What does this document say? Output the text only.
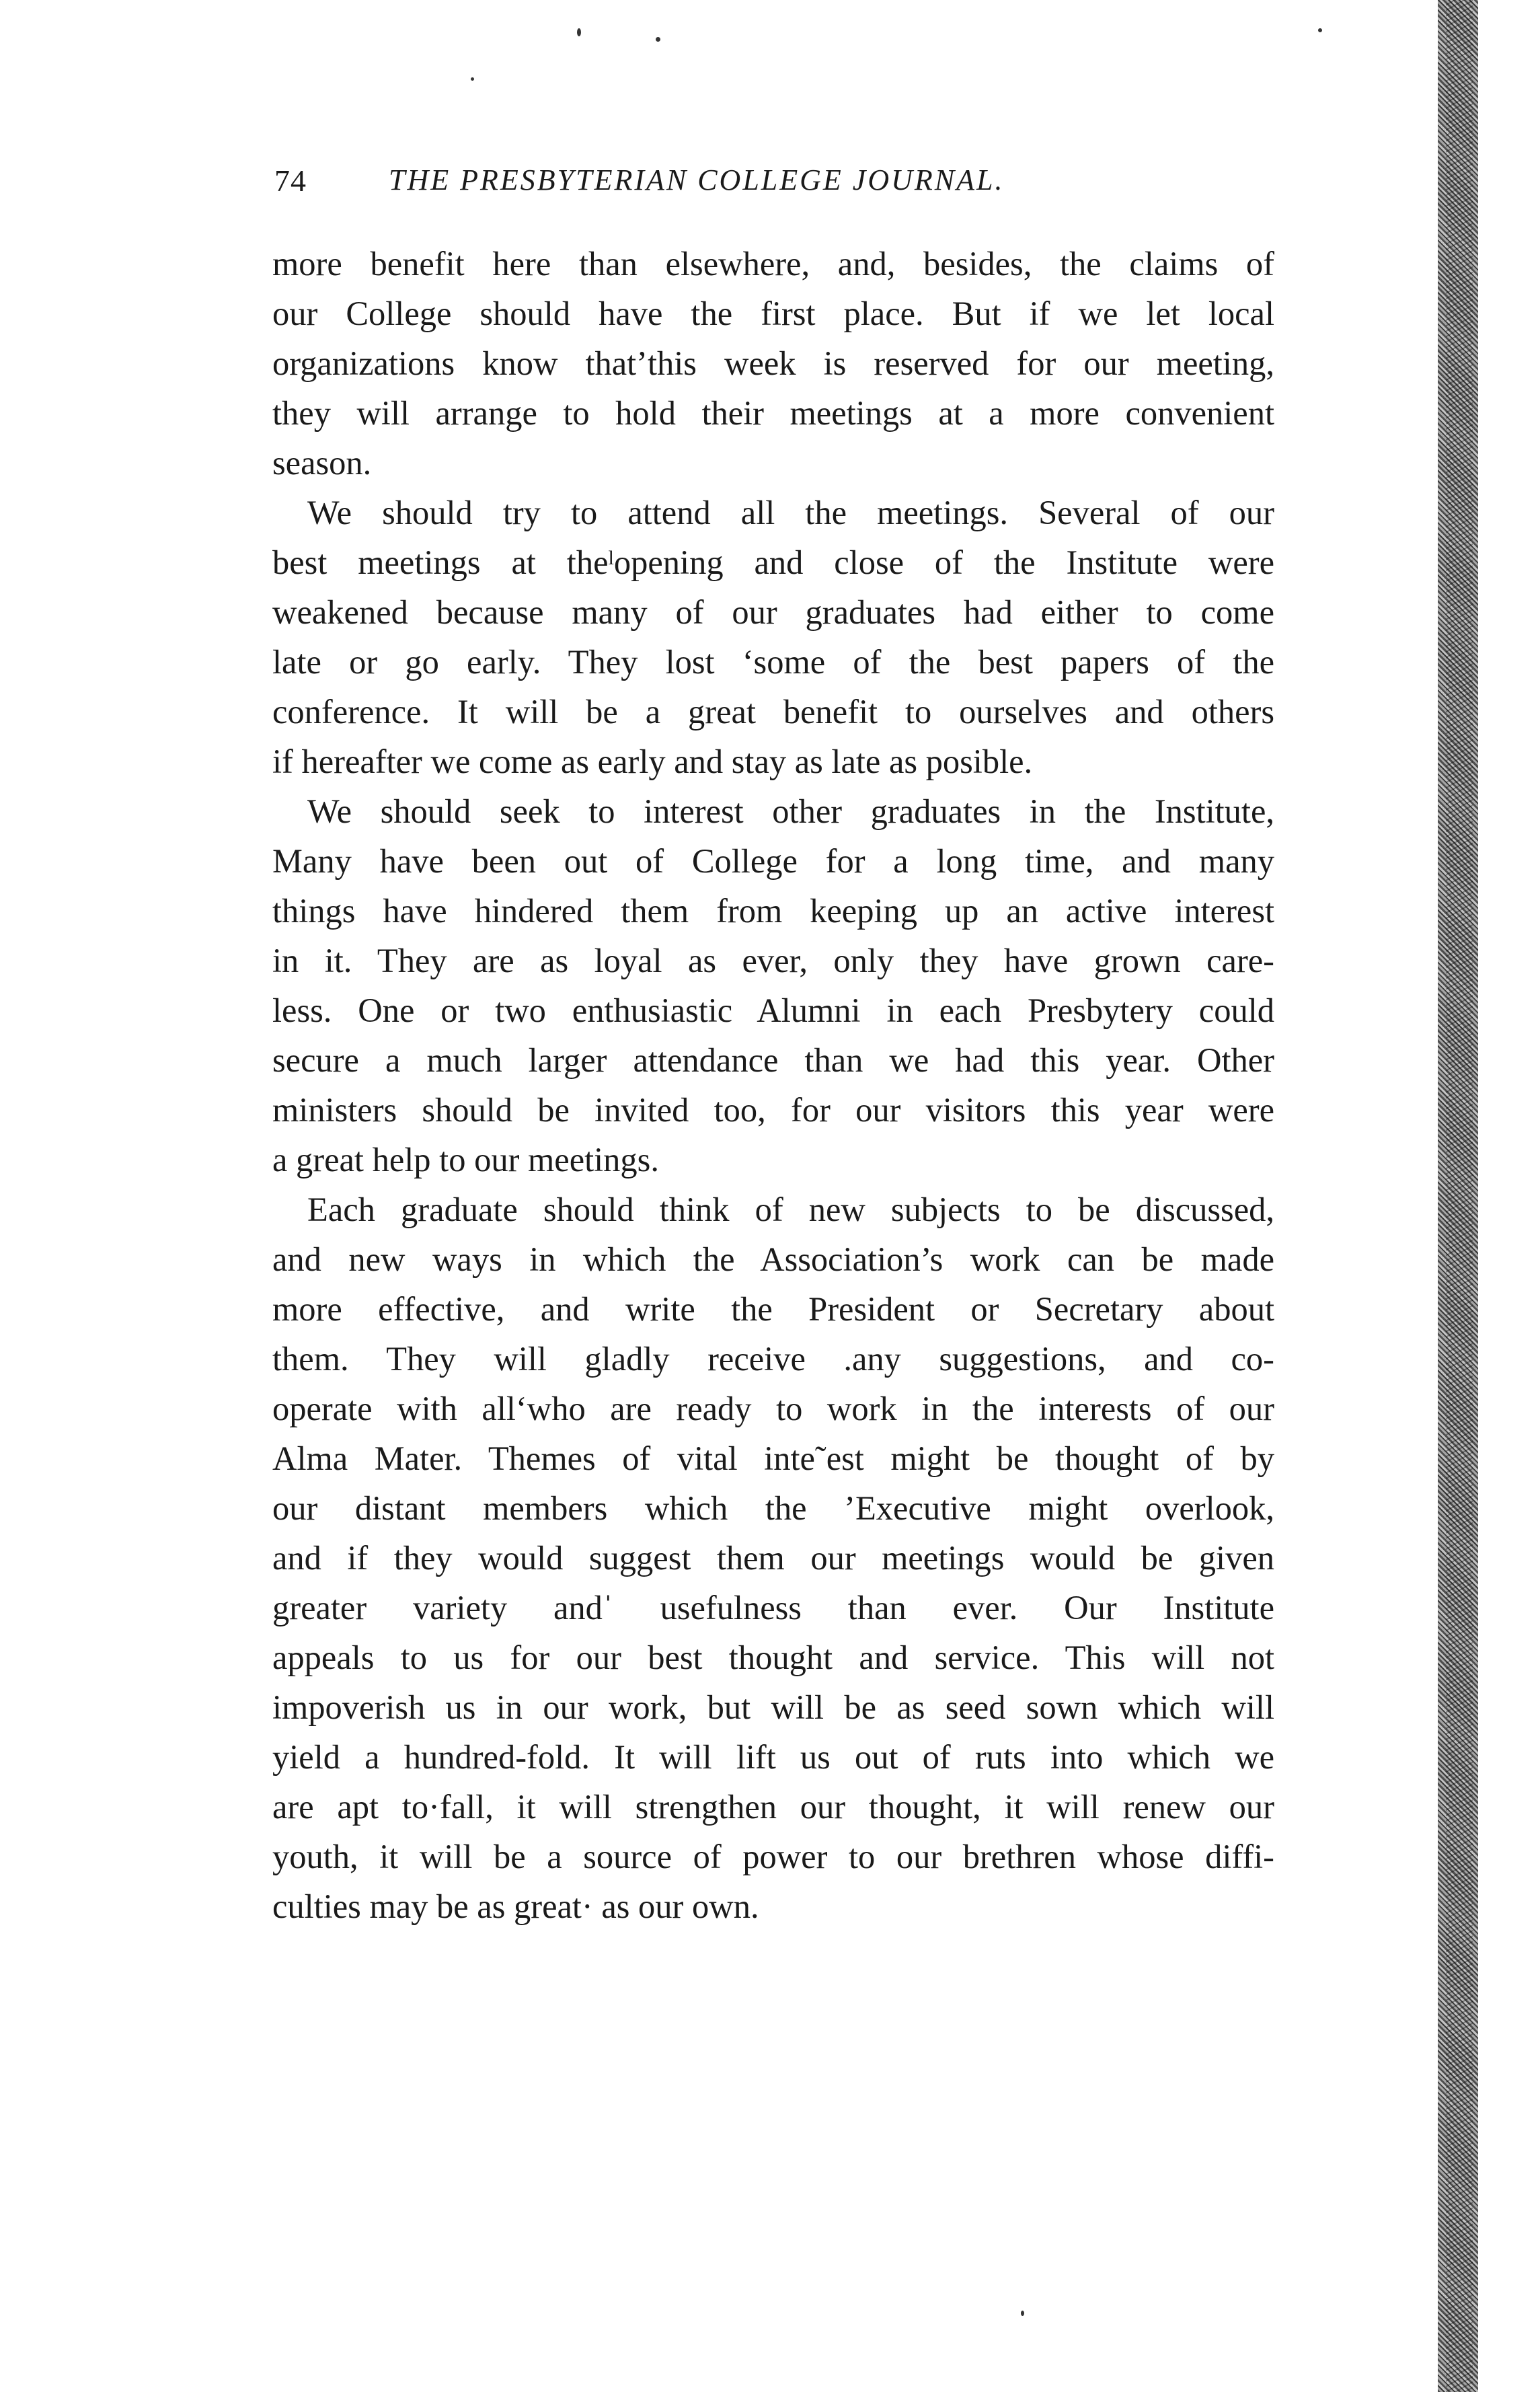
74	THE PRESBYTERIAN COLLEGE JOURNAL.

more benefit here than elsewhere, and, besides, the claims of
our College should have the first place. But if we let local
organizations know thatʼthis week is reserved for our meeting,
they will arrange to hold their meetings at a more convenient
season.

We should try to attend all the meetings. Several of our
best meetings at theˡopening and close of the Institute were
weakened because many of our graduates had either to come
late or go early. They lost ‘some of the best papers of the
conference. It will be a great benefit to ourselves and others
if hereafter we come as early and stay as late as posible.

We should seek to interest other graduates in the Institute,
Many have been out of College for a long time, and many
things have hindered them from keeping up an active interest
in it. They are as loyal as ever, only they have grown care-
less. One or two enthusiastic Alumni in each Presbytery could
secure a much larger attendance than we had this year. Other
ministers should be invited too, for our visitors this year were
a great help to our meetings.

Each graduate should think of new subjects to be discussed,
and new ways in which the Association’s work can be made
more effective, and write the President or Secretary about
them. They will gladly receive .any suggestions, and co-
operate with all‘who are ready to work in the interests of our
Alma Mater. Themes of vital inte˜est might be thought of by
our distant members which the ʼExecutive might overlook,
and if they would suggest them our meetings would be given
greater variety andˈ usefulness than ever. Our Institute
appeals to us for our best thought and service. This will not
impoverish us in our work, but will be as seed sown which will
yield a hundred-fold. It will lift us out of ruts into which we
are apt to·fall, it will strengthen our thought, it will renew our
youth, it will be a source of power to our brethren whose diffi-
culties may be as great· as our own.
